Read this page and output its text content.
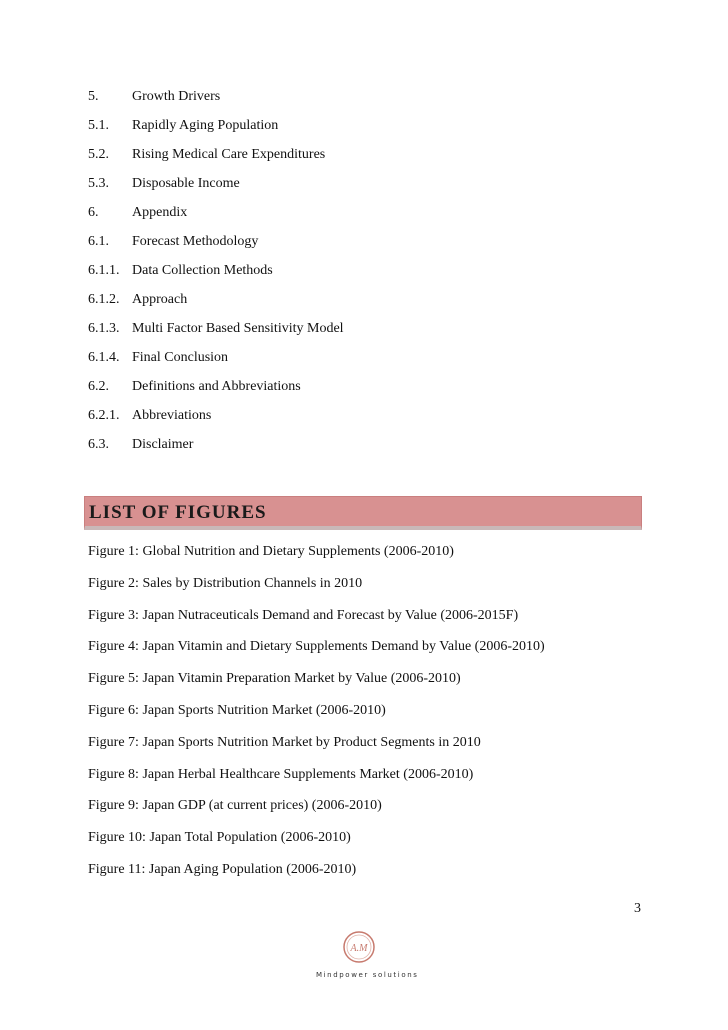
5.	Growth Drivers
5.1.	Rapidly Aging Population
5.2.	Rising Medical Care Expenditures
5.3.	Disposable Income
6.	Appendix
6.1.	Forecast Methodology
6.1.1. Data Collection Methods
6.1.2. Approach
6.1.3. Multi Factor Based Sensitivity Model
6.1.4. Final Conclusion
6.2.	Definitions and Abbreviations
6.2.1. Abbreviations
6.3.	Disclaimer
LIST OF FIGURES
Figure 1: Global Nutrition and Dietary Supplements (2006-2010)
Figure 2: Sales by Distribution Channels in 2010
Figure 3: Japan Nutraceuticals Demand and Forecast by Value (2006-2015F)
Figure 4: Japan Vitamin and Dietary Supplements Demand by Value (2006-2010)
Figure 5: Japan Vitamin Preparation Market by Value (2006-2010)
Figure 6: Japan Sports Nutrition Market (2006-2010)
Figure 7: Japan Sports Nutrition Market by Product Segments in 2010
Figure 8: Japan Herbal Healthcare Supplements Market (2006-2010)
Figure 9: Japan GDP (at current prices) (2006-2010)
Figure 10: Japan Total Population (2006-2010)
Figure 11: Japan Aging Population (2006-2010)
3
A.M
Mindpower solutions
